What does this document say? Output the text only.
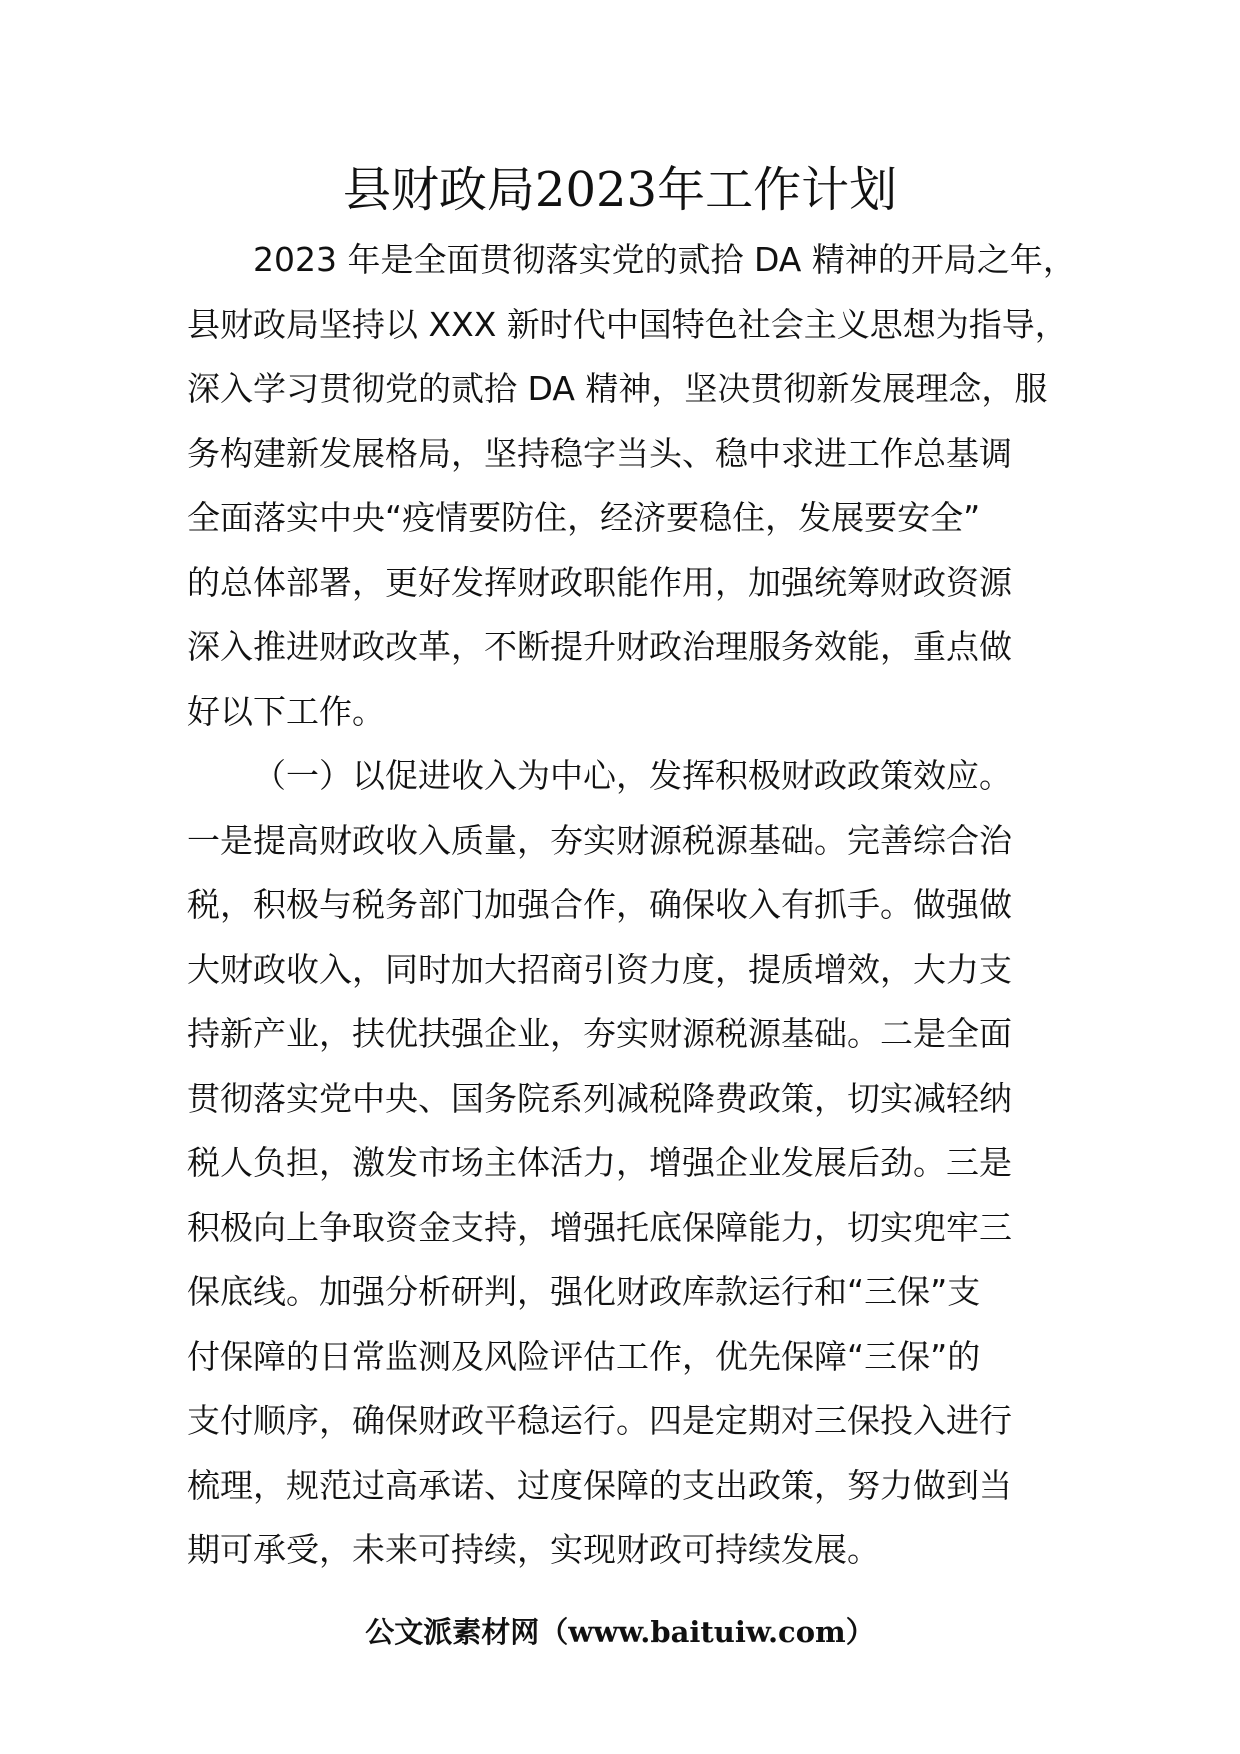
县财政局2023年工作计划
2023 年是全面贯彻落实党的贰拾 DA 精神的开局之年，
县财政局坚持以 XXX 新时代中国特色社会主义思想为指导，
深入学习贯彻党的贰拾 DA 精神，坚决贯彻新发展理念，服
务构建新发展格局，坚持稳字当头、稳中求进工作总基调
全面落实中央“疫情要防住，经济要稳住，发展要安全”
的总体部署，更好发挥财政职能作用，加强统筹财政资源
深入推进财政改革，不断提升财政治理服务效能，重点做
好以下工作。
（一）以促进收入为中心，发挥积极财政政策效应。
一是提高财政收入质量，夯实财源税源基础。完善综合治
税，积极与税务部门加强合作，确保收入有抓手。做强做
大财政收入，同时加大招商引资力度，提质增效，大力支
持新产业，扶优扶强企业，夯实财源税源基础。二是全面
贯彻落实党中央、国务院系列减税降费政策，切实减轻纳
税人负担，激发市场主体活力，增强企业发展后劲。三是
积极向上争取资金支持，增强托底保障能力，切实兜牢三
保底线。加强分析研判，强化财政库款运行和“三保”支
付保障的日常监测及风险评估工作，优先保障“三保”的
支付顺序，确保财政平稳运行。四是定期对三保投入进行
梳理，规范过高承诺、过度保障的支出政策，努力做到当
期可承受，未来可持续，实现财政可持续发展。
公文派素材网（www.baituiw.com）
